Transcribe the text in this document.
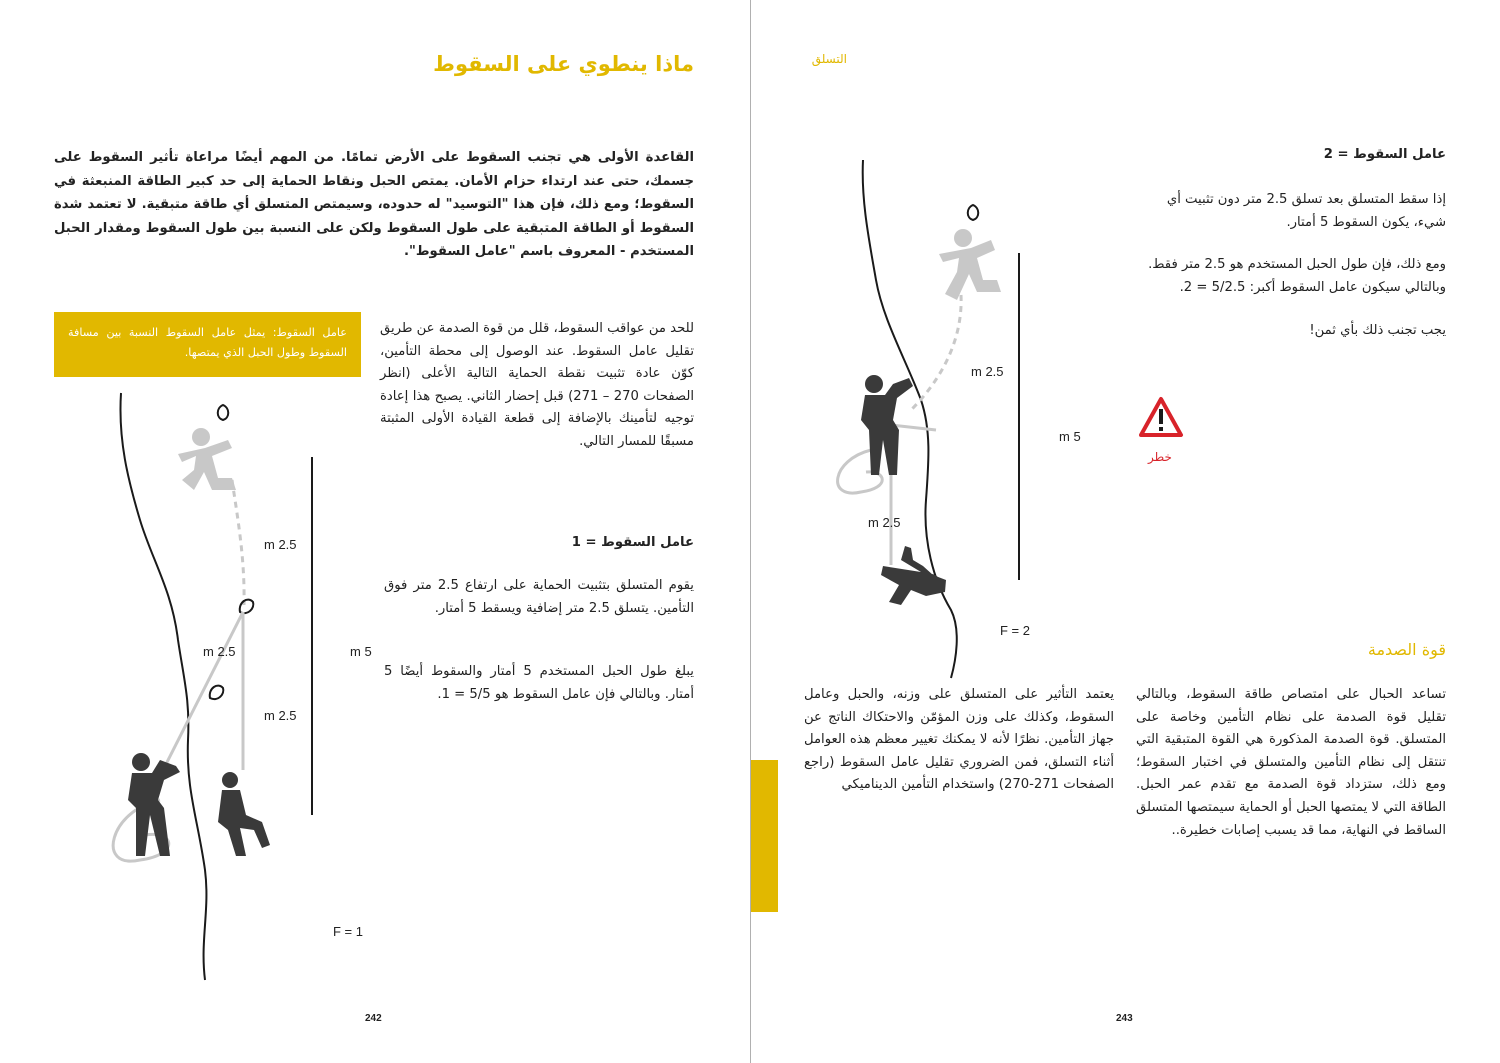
ماذا ينطوي على السقوط
القاعدة الأولى هي تجنب السقوط على الأرض تمامًا. من المهم أيضًا مراعاة تأثير السقوط على جسمك، حتى عند ارتداء حزام الأمان. يمتص الحبل ونقاط الحماية إلى حد كبير الطاقة المنبعثة في السقوط؛ ومع ذلك، فإن هذا "التوسيد" له حدوده، وسيمتص المتسلق أي طاقة متبقية. لا تعتمد شدة السقوط أو الطاقة المتبقية على طول السقوط ولكن على النسبة بين طول السقوط ومقدار الحبل المستخدم - المعروف باسم "عامل السقوط".
عامل السقوط: يمثل عامل السقوط النسبة بين مسافة السقوط وطول الحبل الذي يمتصها.
للحد من عواقب السقوط، قلل من قوة الصدمة عن طريق تقليل عامل السقوط. عند الوصول إلى محطة التأمين، كوّن عادة تثبيت نقطة الحماية التالية الأعلى (انظر الصفحات 270 – 271) قبل إحضار الثاني. يصبح هذا إعادة توجيه لتأمينك بالإضافة إلى قطعة القيادة الأولى المثبتة مسبقًا للمسار التالي.
عامل السقوط = 1
يقوم المتسلق بتثبيت الحماية على ارتفاع 2.5 متر فوق التأمين. يتسلق 2.5 متر إضافية ويسقط 5 أمتار.
يبلغ طول الحبل المستخدم 5 أمتار والسقوط أيضًا 5 أمتار. وبالتالي فإن عامل السقوط هو 5/5 = 1.
m 2.5
m 2.5
m 2.5
m 5
F = 1
242
التسلق
عامل السقوط = 2
إذا سقط المتسلق بعد تسلق 2.5 متر دون تثبيت أي شيء، يكون السقوط 5 أمتار.
ومع ذلك، فإن طول الحبل المستخدم هو 2.5 متر فقط. وبالتالي سيكون عامل السقوط أكبر: 5/2.5 = 2.
يجب تجنب ذلك بأي ثمن!
خطر
m 2.5
m 5
m 2.5
F = 2
قوة الصدمة
تساعد الحبال على امتصاص طاقة السقوط، وبالتالي تقليل قوة الصدمة على نظام التأمين وخاصة على المتسلق. قوة الصدمة المذكورة هي القوة المتبقية التي تنتقل إلى نظام التأمين والمتسلق في اختبار السقوط؛ ومع ذلك، ستزداد قوة الصدمة مع تقدم عمر الحبل. الطاقة التي لا يمتصها الحبل أو الحماية سيمتصها المتسلق الساقط في النهاية، مما قد يسبب إصابات خطيرة..
يعتمد التأثير على المتسلق على وزنه، والحبل وعامل السقوط، وكذلك على وزن المؤمّن والاحتكاك الناتج عن جهاز التأمين. نظرًا لأنه لا يمكنك تغيير معظم هذه العوامل أثناء التسلق، فمن الضروري تقليل عامل السقوط (راجع الصفحات 271-270) واستخدام التأمين الديناميكي
243
